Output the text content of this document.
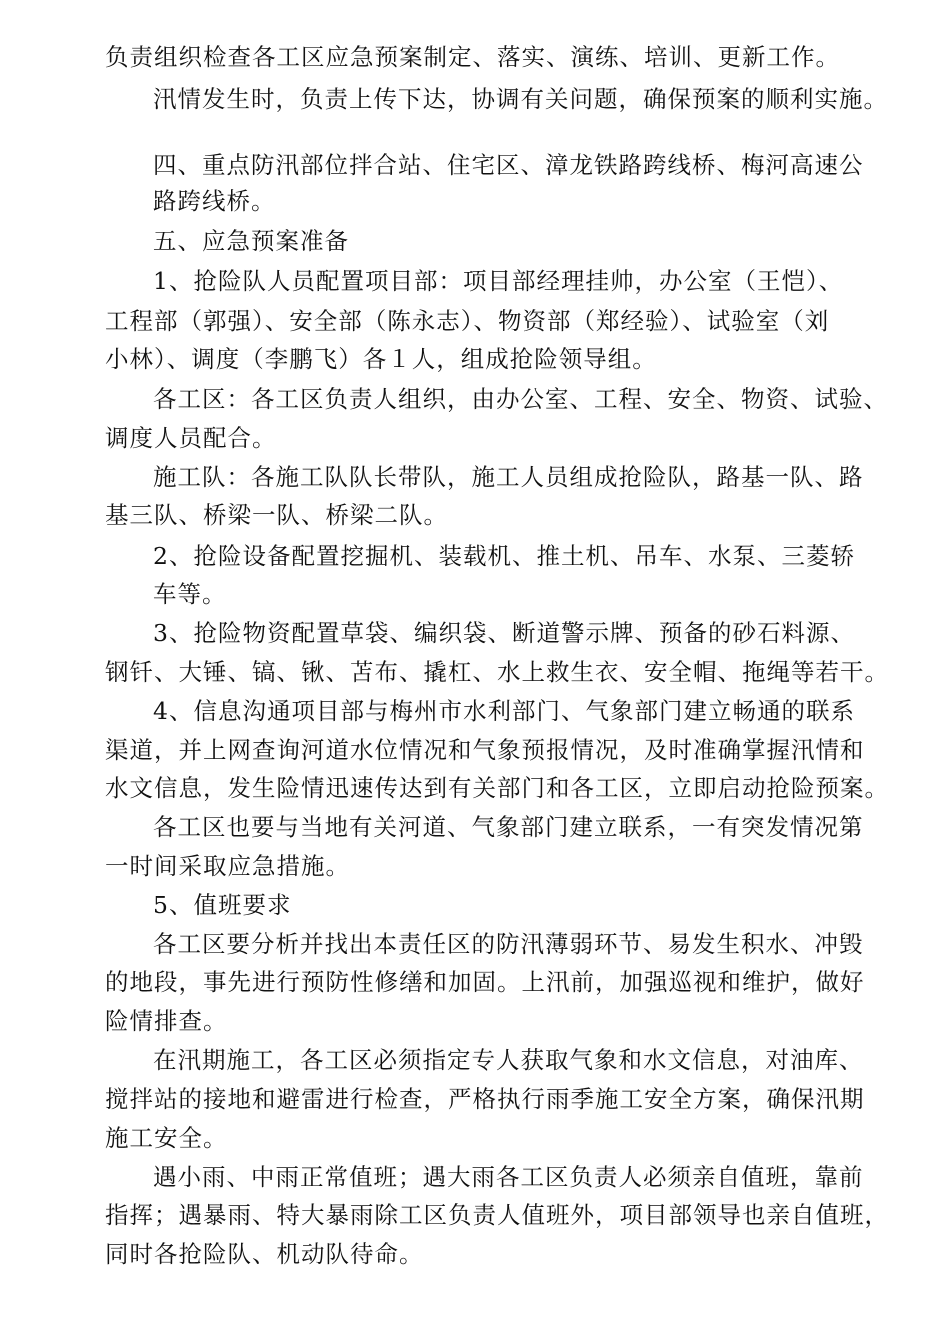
负责组织检查各工区应急预案制定、落实、演练、培训、更新工作。
汛情发生时，负责上传下达，协调有关问题，确保预案的顺利实施。
四、重点防汛部位拌合站、住宅区、漳龙铁路跨线桥、梅河高速公
路跨线桥。
五、应急预案准备
1、抢险队人员配置项目部：项目部经理挂帅，办公室（王恺）、
工程部（郭强）、安全部（陈永志）、物资部（郑经验）、试验室（刘
小林）、调度（李鹏飞）各１人，组成抢险领导组。
各工区：各工区负责人组织，由办公室、工程、安全、物资、试验、
调度人员配合。
施工队：各施工队队长带队，施工人员组成抢险队，路基一队、路
基三队、桥梁一队、桥梁二队。
2、抢险设备配置挖掘机、装载机、推土机、吊车、水泵、三菱轿
车等。
3、抢险物资配置草袋、编织袋、断道警示牌、预备的砂石料源、
钢钎、大锤、镐、锹、苫布、撬杠、水上救生衣、安全帽、拖绳等若干。
4、信息沟通项目部与梅州市水利部门、气象部门建立畅通的联系
渠道，并上网查询河道水位情况和气象预报情况，及时准确掌握汛情和
水文信息，发生险情迅速传达到有关部门和各工区，立即启动抢险预案。
各工区也要与当地有关河道、气象部门建立联系，一有突发情况第
一时间采取应急措施。
5、值班要求
各工区要分析并找出本责任区的防汛薄弱环节、易发生积水、冲毁
的地段，事先进行预防性修缮和加固。上汛前，加强巡视和维护，做好
险情排查。
在汛期施工，各工区必须指定专人获取气象和水文信息，对油库、
搅拌站的接地和避雷进行检查，严格执行雨季施工安全方案，确保汛期
施工安全。
遇小雨、中雨正常值班；遇大雨各工区负责人必须亲自值班，靠前
指挥；遇暴雨、特大暴雨除工区负责人值班外，项目部领导也亲自值班，
同时各抢险队、机动队待命。
